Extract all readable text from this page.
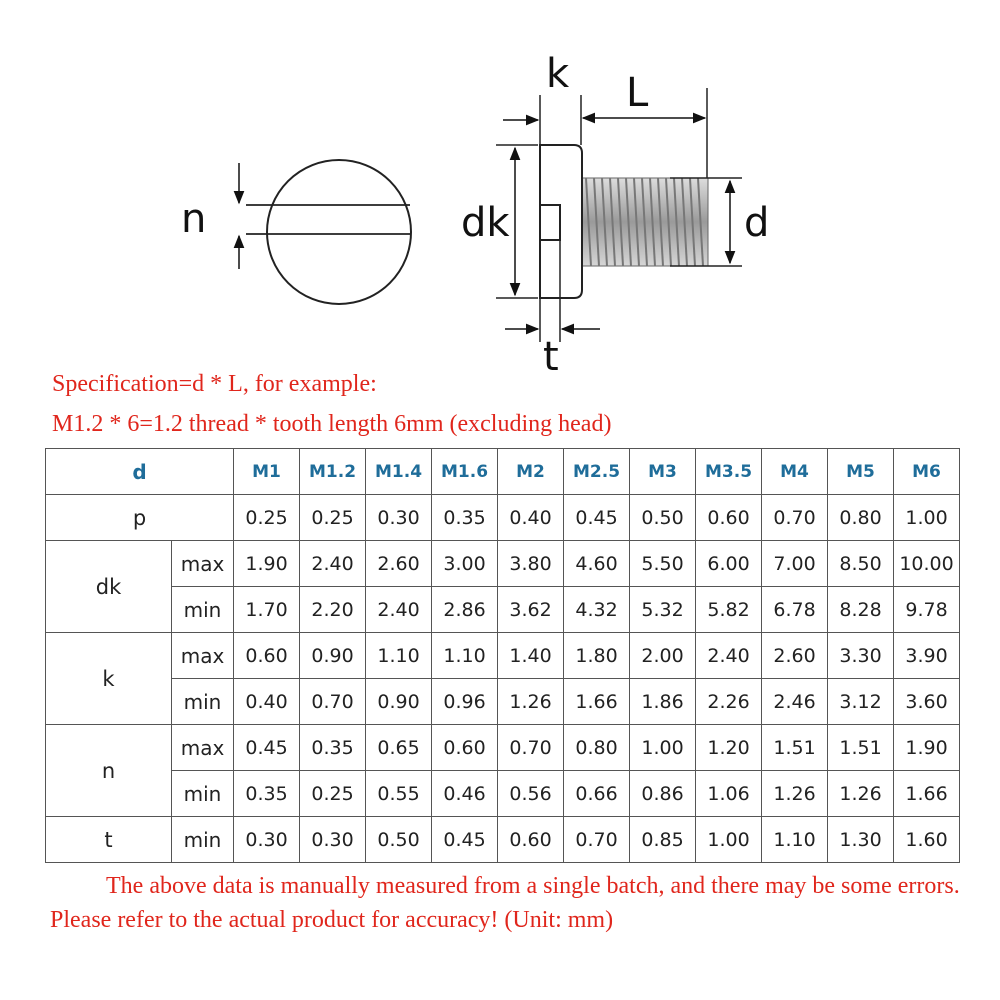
n
k L
dk	d
t
Specification=d * L, for example:
M1.2 * 6=1.2 thread * tooth length 6mm (excluding head)
d		M1	M1.2	M1.4	M1.6	M2	M2.5	M3	M3.5	M4	M5	M6
p		0.25	0.25	0.30	0.35	0.40	0.45	0.50	0.60	0.70	0.80	1.00
dk	max	1.90	2.40	2.60	3.00	3.80	4.60	5.50	6.00	7.00	8.50	10.00
	min	1.70	2.20	2.40	2.86	3.62	4.32	5.32	5.82	6.78	8.28	9.78
k	max	0.60	0.90	1.10	1.10	1.40	1.80	2.00	2.40	2.60	3.30	3.90
	min	0.40	0.70	0.90	0.96	1.26	1.66	1.86	2.26	2.46	3.12	3.60
n	max	0.45	0.35	0.65	0.60	0.70	0.80	1.00	1.20	1.51	1.51	1.90
	min	0.35	0.25	0.55	0.46	0.56	0.66	0.86	1.06	1.26	1.26	1.66
t	min	0.30	0.30	0.50	0.45	0.60	0.70	0.85	1.00	1.10	1.30	1.60
The above data is manually measured from a single batch, and there may be some errors. Please refer to the actual product for accuracy! (Unit: mm)
